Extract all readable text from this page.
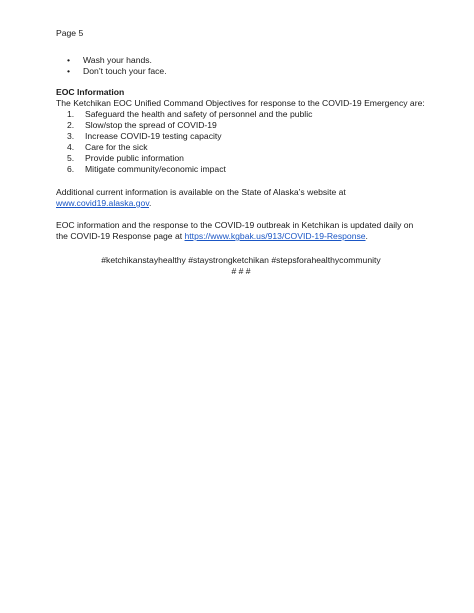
Page 5
• Wash your hands.
• Don’t touch your face.
EOC Information
The Ketchikan EOC Unified Command Objectives for response to the COVID-19 Emergency are:
1. Safeguard the health and safety of personnel and the public
2. Slow/stop the spread of COVID-19
3. Increase COVID-19 testing capacity
4. Care for the sick
5. Provide public information
6. Mitigate community/economic impact

Additional current information is available on the State of Alaska’s website at www.covid19.alaska.gov.

EOC information and the response to the COVID-19 outbreak in Ketchikan is updated daily on the COVID-19 Response page at https://www.kgbak.us/913/COVID-19-Response.

#ketchikanstayhealthy #staystrongketchikan #stepsforahealthycommunity
# # #
